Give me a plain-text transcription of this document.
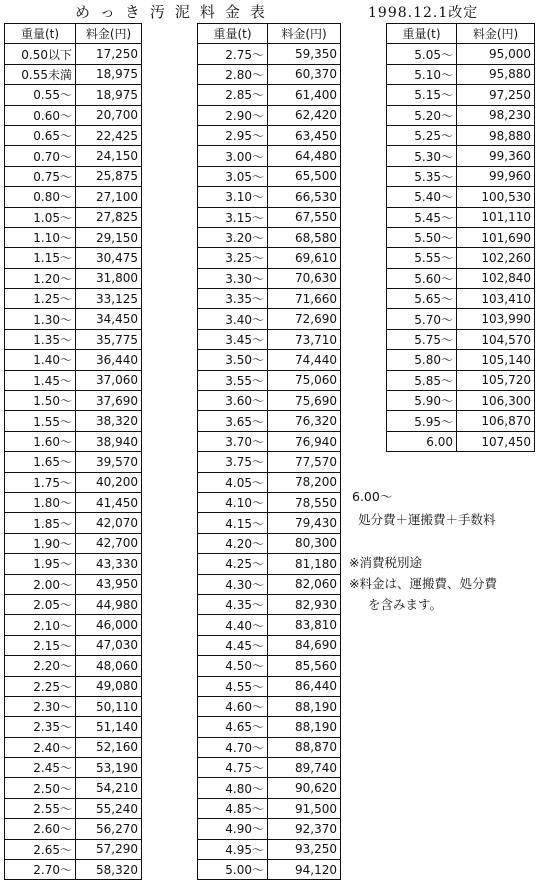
めっき汚泥料金表	1998.12.1改定
重量(t)	料金(円)
0.50以下	17,250
0.55未満	18,975
0.55〜	18,975
0.60〜	20,700
0.65〜	22,425
0.70〜	24,150
0.75〜	25,875
0.80〜	27,100
1.05〜	27,825
1.10〜	29,150
1.15〜	30,475
1.20〜	31,800
1.25〜	33,125
1.30〜	34,450
1.35〜	35,775
1.40〜	36,440
1.45〜	37,060
1.50〜	37,690
1.55〜	38,320
1.60〜	38,940
1.65〜	39,570
1.75〜	40,200
1.80〜	41,450
1.85〜	42,070
1.90〜	42,700
1.95〜	43,330
2.00〜	43,950
2.05〜	44,980
2.10〜	46,000
2.15〜	47,030
2.20〜	48,060
2.25〜	49,080
2.30〜	50,110
2.35〜	51,140
2.40〜	52,160
2.45〜	53,190
2.50〜	54,210
2.55〜	55,240
2.60〜	56,270
2.65〜	57,290
2.70〜	58,320
重量(t)	料金(円)
2.75〜	59,350
2.80〜	60,370
2.85〜	61,400
2.90〜	62,420
2.95〜	63,450
3.00〜	64,480
3.05〜	65,500
3.10〜	66,530
3.15〜	67,550
3.20〜	68,580
3.25〜	69,610
3.30〜	70,630
3.35〜	71,660
3.40〜	72,690
3.45〜	73,710
3.50〜	74,440
3.55〜	75,060
3.60〜	75,690
3.65〜	76,320
3.70〜	76,940
3.75〜	77,570
4.05〜	78,200
4.10〜	78,550
4.15〜	79,430
4.20〜	80,300
4.25〜	81,180
4.30〜	82,060
4.35〜	82,930
4.40〜	83,810
4.45〜	84,690
4.50〜	85,560
4.55〜	86,440
4.60〜	88,190
4.65〜	88,190
4.70〜	88,870
4.75〜	89,740
4.80〜	90,620
4.85〜	91,500
4.90〜	92,370
4.95〜	93,250
5.00〜	94,120
重量(t)	料金(円)
5.05〜	95,000
5.10〜	95,880
5.15〜	97,250
5.20〜	98,230
5.25〜	98,880
5.30〜	99,360
5.35〜	99,960
5.40〜	100,530
5.45〜	101,110
5.50〜	101,690
5.55〜	102,260
5.60〜	102,840
5.65〜	103,410
5.70〜	103,990
5.75〜	104,570
5.80〜	105,140
5.85〜	105,720
5.90〜	106,300
5.95〜	106,870
6.00	107,450
6.00〜
処分費＋運搬費＋手数料
※消費税別途
※料金は、運搬費、処分費
を含みます。
